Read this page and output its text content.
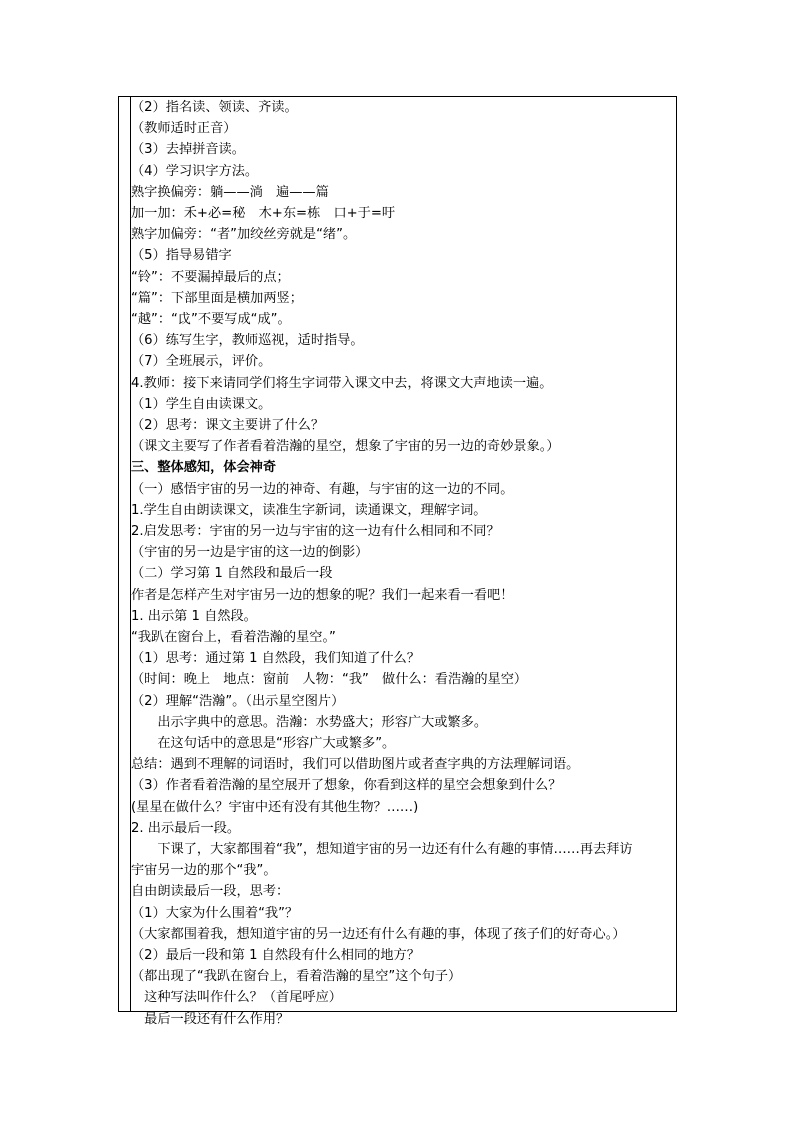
（2）指名读、领读、齐读。
（教师适时正音）
（3）去掉拼音读。
（4）学习识字方法。
熟字换偏旁：躺——淌　遍——篇
加一加：禾+必=秘　木+东=栋　口+于=吁
熟字加偏旁：“者”加绞丝旁就是“绪”。
（5）指导易错字
“铃”：不要漏掉最后的点；
“篇”：下部里面是横加两竖；
“越”：“戉”不要写成“成”。
（6）练写生字，教师巡视，适时指导。
（7）全班展示，评价。
4.教师：接下来请同学们将生字词带入课文中去，将课文大声地读一遍。
（1）学生自由读课文。
（2）思考：课文主要讲了什么？
（课文主要写了作者看着浩瀚的星空，想象了宇宙的另一边的奇妙景象。）
三、整体感知，体会神奇
（一）感悟宇宙的另一边的神奇、有趣，与宇宙的这一边的不同。
1.学生自由朗读课文，读准生字新词，读通课文，理解字词。
2.启发思考：宇宙的另一边与宇宙的这一边有什么相同和不同？
（宇宙的另一边是宇宙的这一边的倒影）
（二）学习第 1 自然段和最后一段
作者是怎样产生对宇宙另一边的想象的呢？我们一起来看一看吧！
1. 出示第 1 自然段。
“我趴在窗台上，看着浩瀚的星空。”
（1）思考：通过第 1 自然段，我们知道了什么？
（时间：晚上　地点：窗前　人物：“我”　做什么：看浩瀚的星空）
（2）理解“浩瀚”。（出示星空图片）
　　出示字典中的意思。浩瀚：水势盛大；形容广大或繁多。
　　在这句话中的意思是“形容广大或繁多”。
总结：遇到不理解的词语时，我们可以借助图片或者查字典的方法理解词语。
（3）作者看着浩瀚的星空展开了想象，你看到这样的星空会想象到什么？
(星星在做什么？宇宙中还有没有其他生物？……)
2. 出示最后一段。
　　下课了，大家都围着“我”，想知道宇宙的另一边还有什么有趣的事情……再去拜访
宇宙另一边的那个“我”。
自由朗读最后一段，思考：
（1）大家为什么围着“我”？
（大家都围着我，想知道宇宙的另一边还有什么有趣的事，体现了孩子们的好奇心。）
（2）最后一段和第 1 自然段有什么相同的地方？
（都出现了“我趴在窗台上，看着浩瀚的星空”这个句子）
　这种写法叫作什么？（首尾呼应）
　最后一段还有什么作用？
